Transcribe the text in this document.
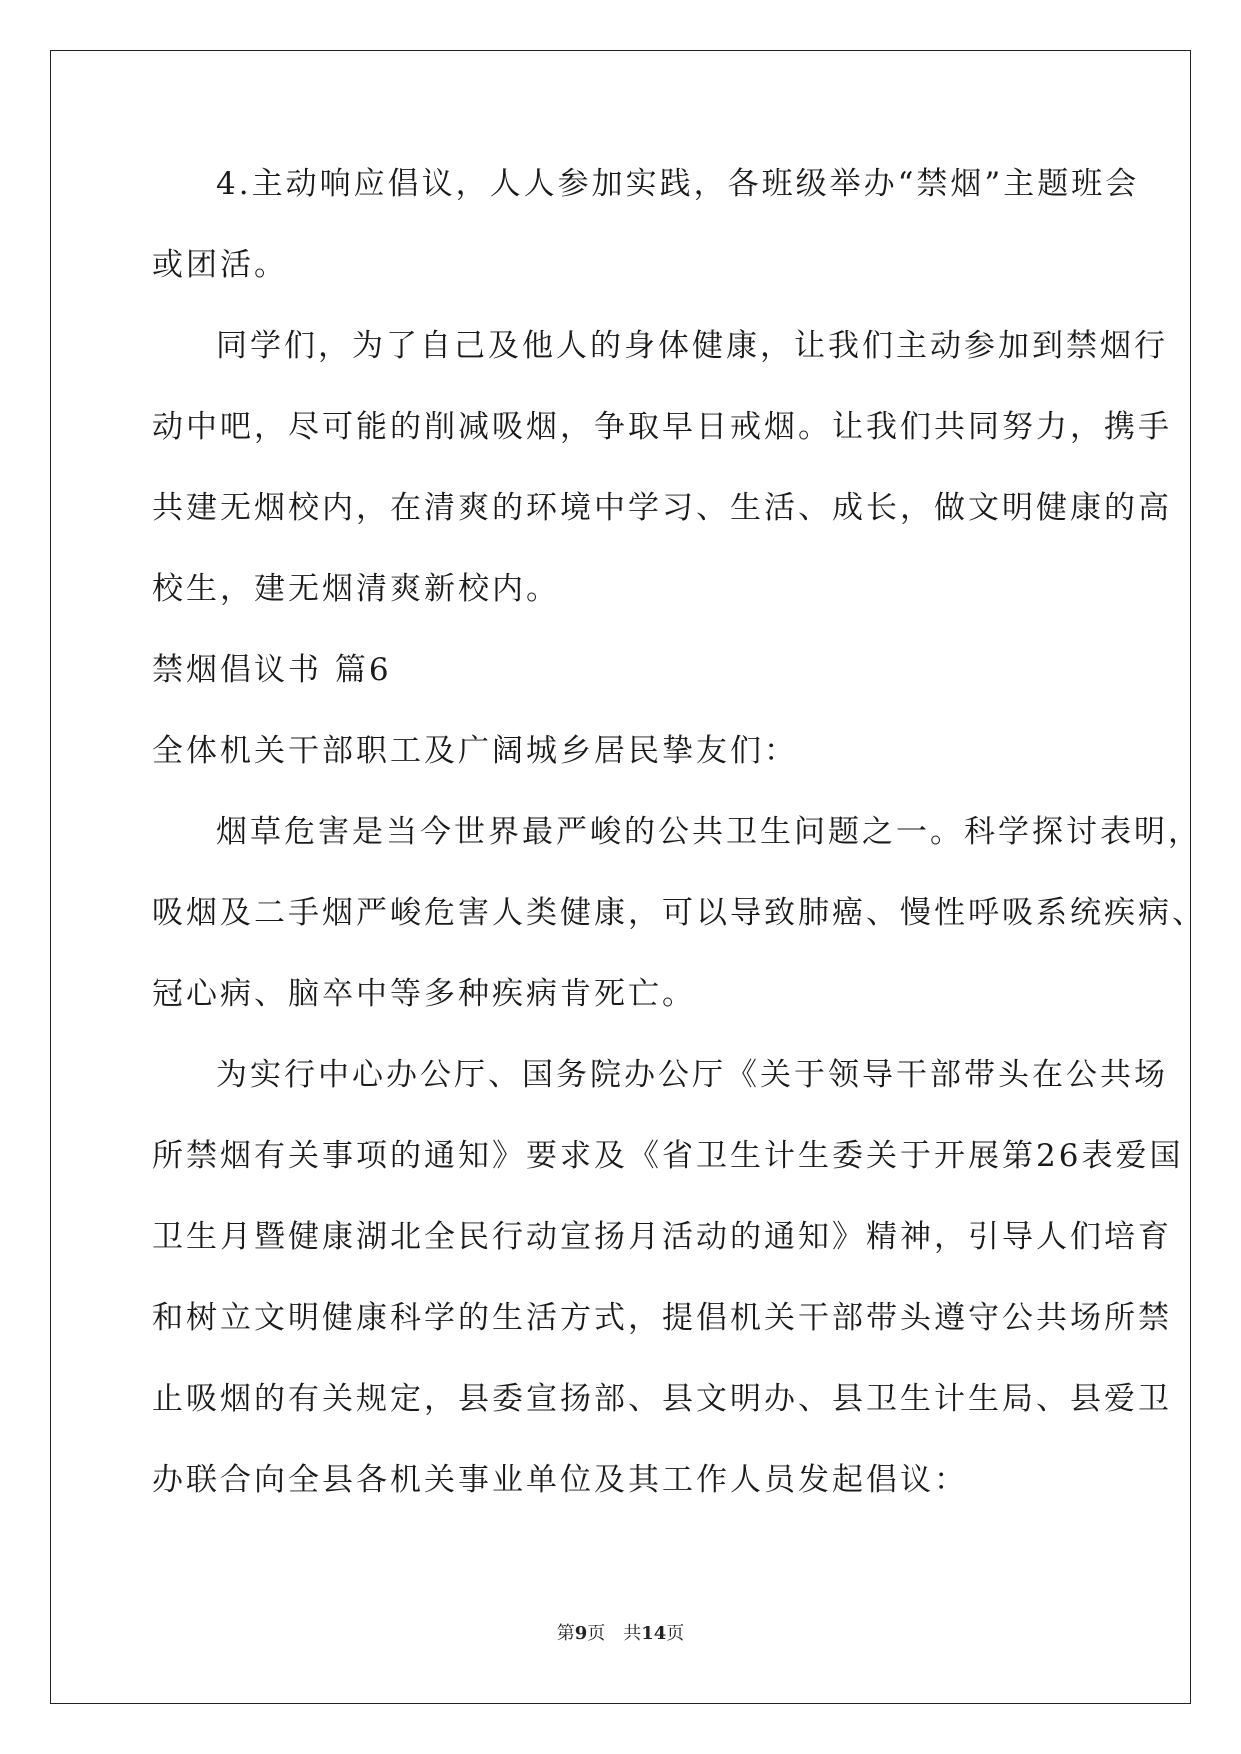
4.主动响应倡议，人人参加实践，各班级举办“禁烟”主题班会
或团活。
同学们，为了自己及他人的身体健康，让我们主动参加到禁烟行
动中吧，尽可能的削减吸烟，争取早日戒烟。让我们共同努力，携手
共建无烟校内，在清爽的环境中学习、生活、成长，做文明健康的高
校生，建无烟清爽新校内。
禁烟倡议书 篇6
全体机关干部职工及广阔城乡居民挚友们：
烟草危害是当今世界最严峻的公共卫生问题之一。科学探讨表明，
吸烟及二手烟严峻危害人类健康，可以导致肺癌、慢性呼吸系统疾病、
冠心病、脑卒中等多种疾病肯死亡。
为实行中心办公厅、国务院办公厅《关于领导干部带头在公共场
所禁烟有关事项的通知》要求及《省卫生计生委关于开展第26表爱国
卫生月暨健康湖北全民行动宣扬月活动的通知》精神，引导人们培育
和树立文明健康科学的生活方式，提倡机关干部带头遵守公共场所禁
止吸烟的有关规定，县委宣扬部、县文明办、县卫生计生局、县爱卫
办联合向全县各机关事业单位及其工作人员发起倡议：
第9页　共14页
